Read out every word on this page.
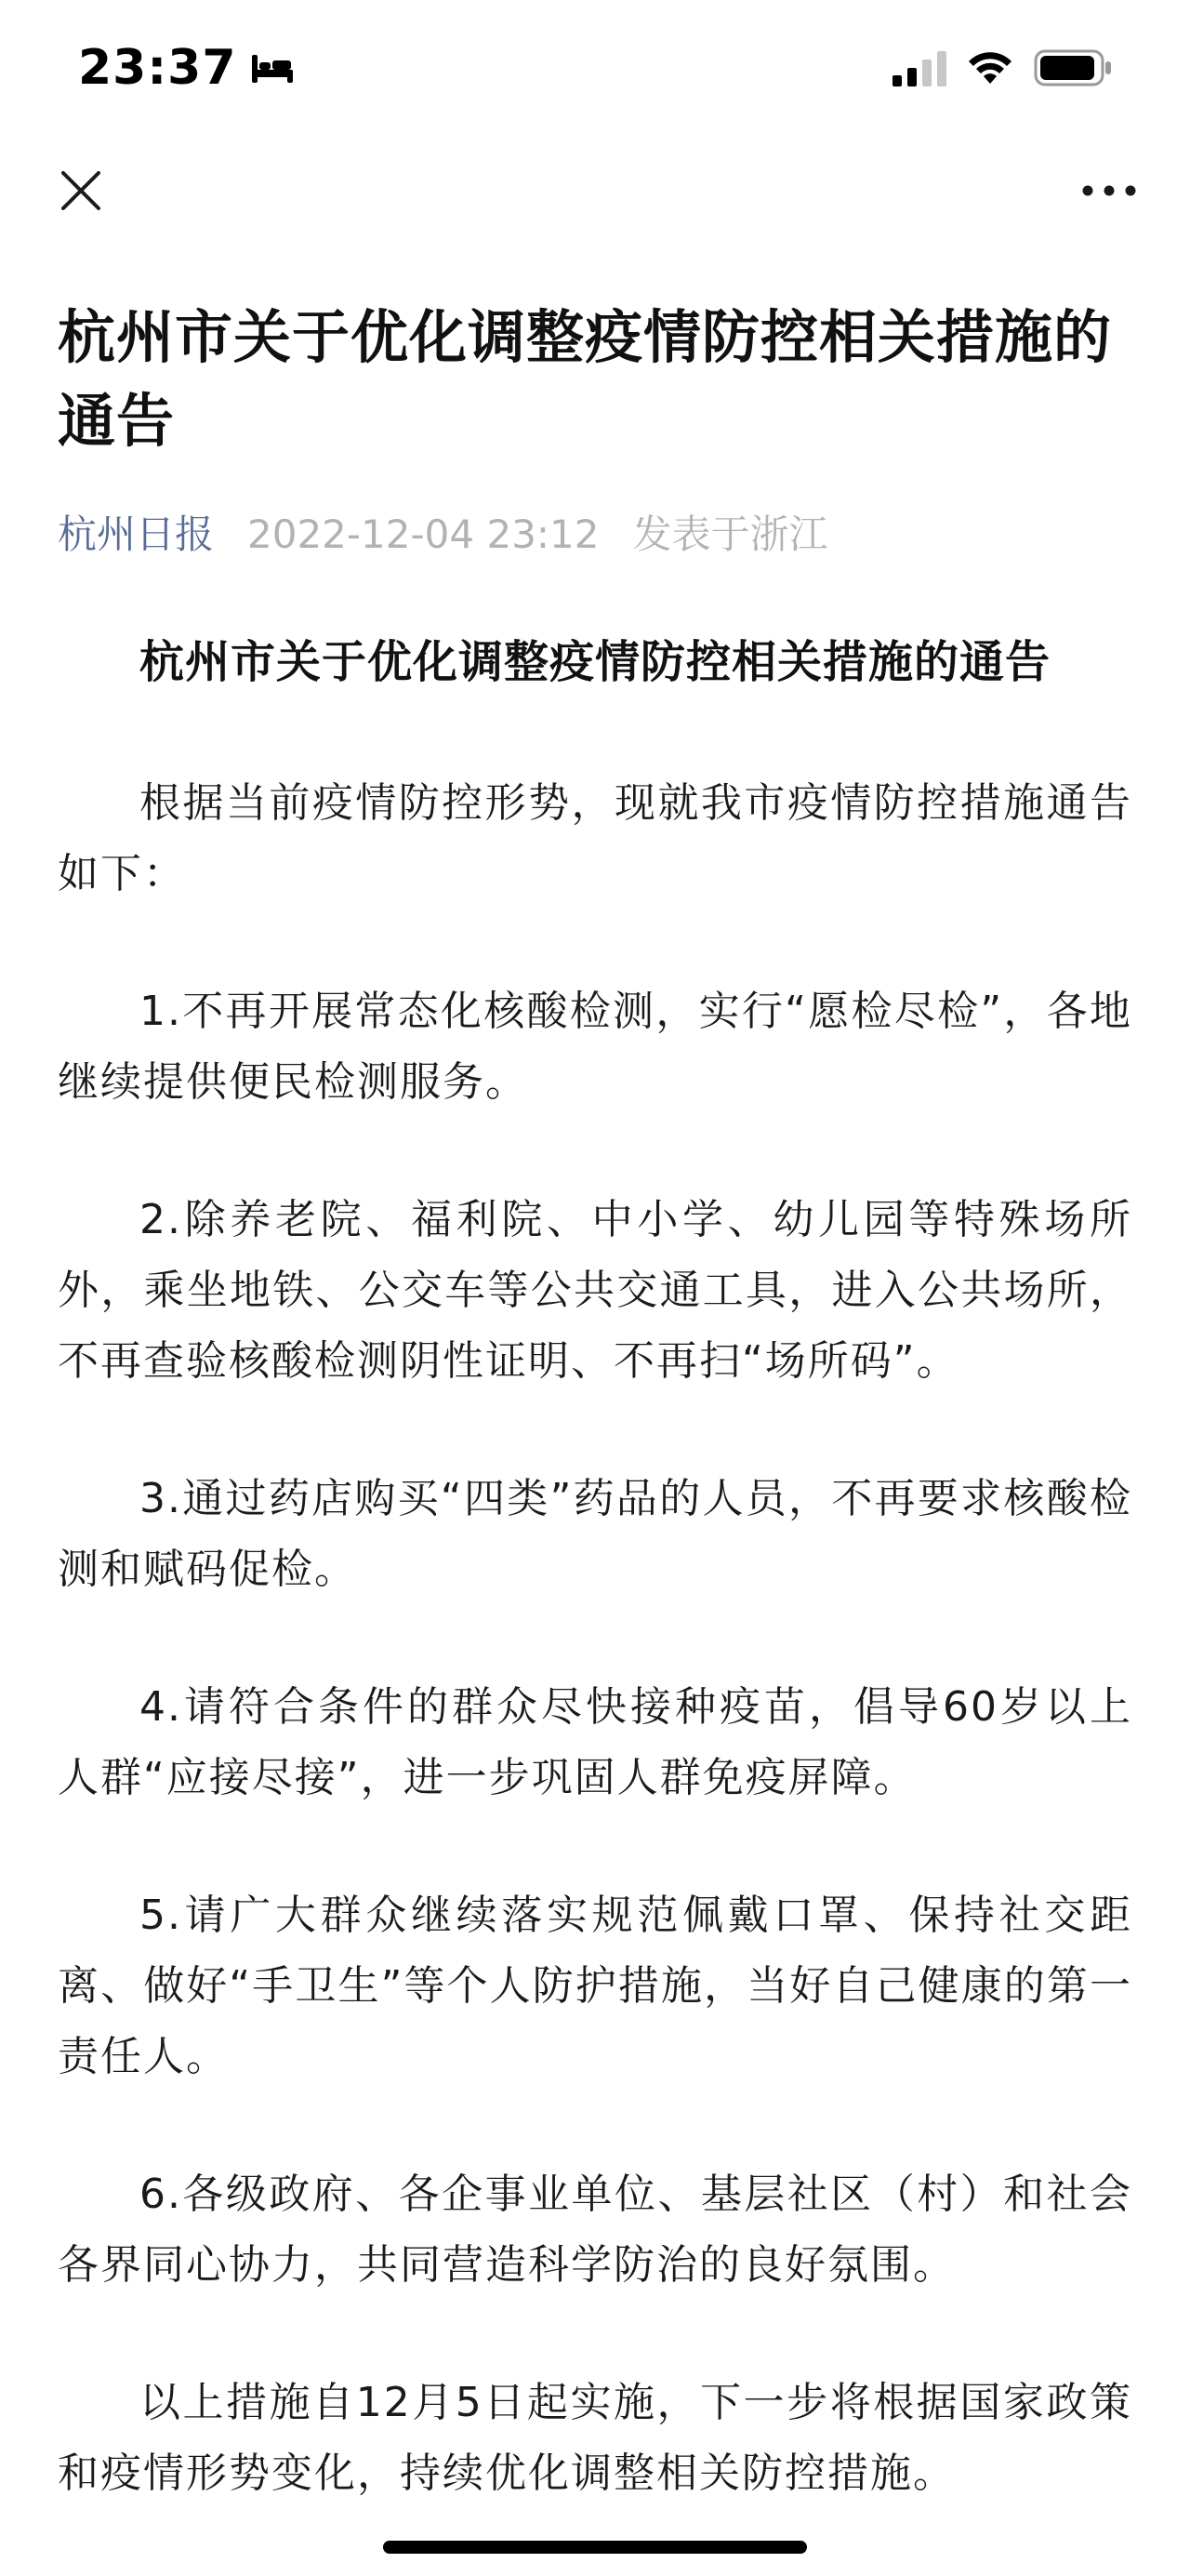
23:37
杭州市关于优化调整疫情防控相关措施的通告
杭州日报 2022-12-04 23:12 发表于浙江

杭州市关于优化调整疫情防控相关措施的通告

根据当前疫情防控形势，现就我市疫情防控措施通告如下：

1.不再开展常态化核酸检测，实行“愿检尽检”，各地继续提供便民检测服务。

2.除养老院、福利院、中小学、幼儿园等特殊场所外，乘坐地铁、公交车等公共交通工具，进入公共场所，不再查验核酸检测阴性证明、不再扫“场所码”。

3.通过药店购买“四类”药品的人员，不再要求核酸检测和赋码促检。

4.请符合条件的群众尽快接种疫苗，倡导60岁以上人群“应接尽接”，进一步巩固人群免疫屏障。

5.请广大群众继续落实规范佩戴口罩、保持社交距离、做好“手卫生”等个人防护措施，当好自己健康的第一责任人。

6.各级政府、各企事业单位、基层社区（村）和社会各界同心协力，共同营造科学防治的良好氛围。

以上措施自12月5日起实施，下一步将根据国家政策和疫情形势变化，持续优化调整相关防控措施。
